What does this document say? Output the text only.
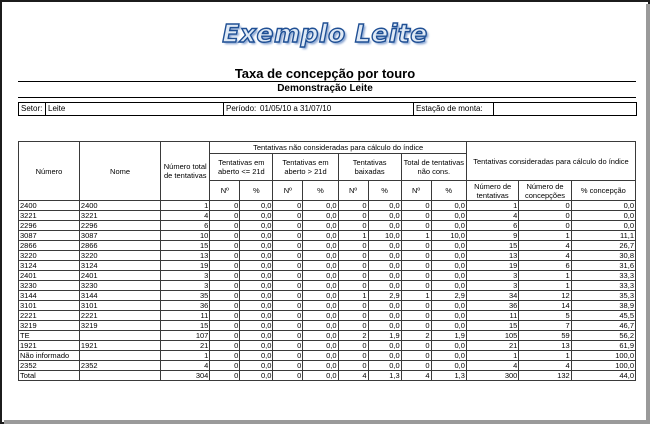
Exemplo Leite
Taxa de concepção por touro
Demonstração Leite
Setor: Leite	Período: 01/05/10 a 31/07/10	Estação de monta:
Número	Nome	Número total de tentativas	Tentativas não consideradas para cálculo do índice								Tentativas consideradas para cálculo do índice		
			Tentativas em aberto <= 21d		Tentativas em aberto > 21d		Tentativas baixadas		Total de tentativas não cons.				
			Nº	%	Nº	%	Nº	%	Nº	%	Número de tentativas	Número de concepções	% concepção
2400	2400	1	0	0,0	0	0,0	0	0,0	0	0,0	1	0	0,0
3221	3221	4	0	0,0	0	0,0	0	0,0	0	0,0	4	0	0,0
2296	2296	6	0	0,0	0	0,0	0	0,0	0	0,0	6	0	0,0
3087	3087	10	0	0,0	0	0,0	1	10,0	1	10,0	9	1	11,1
2866	2866	15	0	0,0	0	0,0	0	0,0	0	0,0	15	4	26,7
3220	3220	13	0	0,0	0	0,0	0	0,0	0	0,0	13	4	30,8
3124	3124	19	0	0,0	0	0,0	0	0,0	0	0,0	19	6	31,6
2401	2401	3	0	0,0	0	0,0	0	0,0	0	0,0	3	1	33,3
3230	3230	3	0	0,0	0	0,0	0	0,0	0	0,0	3	1	33,3
3144	3144	35	0	0,0	0	0,0	1	2,9	1	2,9	34	12	35,3
3101	3101	36	0	0,0	0	0,0	0	0,0	0	0,0	36	14	38,9
2221	2221	11	0	0,0	0	0,0	0	0,0	0	0,0	11	5	45,5
3219	3219	15	0	0,0	0	0,0	0	0,0	0	0,0	15	7	46,7
TE		107	0	0,0	0	0,0	2	1,9	2	1,9	105	59	56,2
1921	1921	21	0	0,0	0	0,0	0	0,0	0	0,0	21	13	61,9
Não informado		1	0	0,0	0	0,0	0	0,0	0	0,0	1	1	100,0
2352	2352	4	0	0,0	0	0,0	0	0,0	0	0,0	4	4	100,0
Total		304	0	0,0	0	0,0	4	1,3	4	1,3	300	132	44,0
